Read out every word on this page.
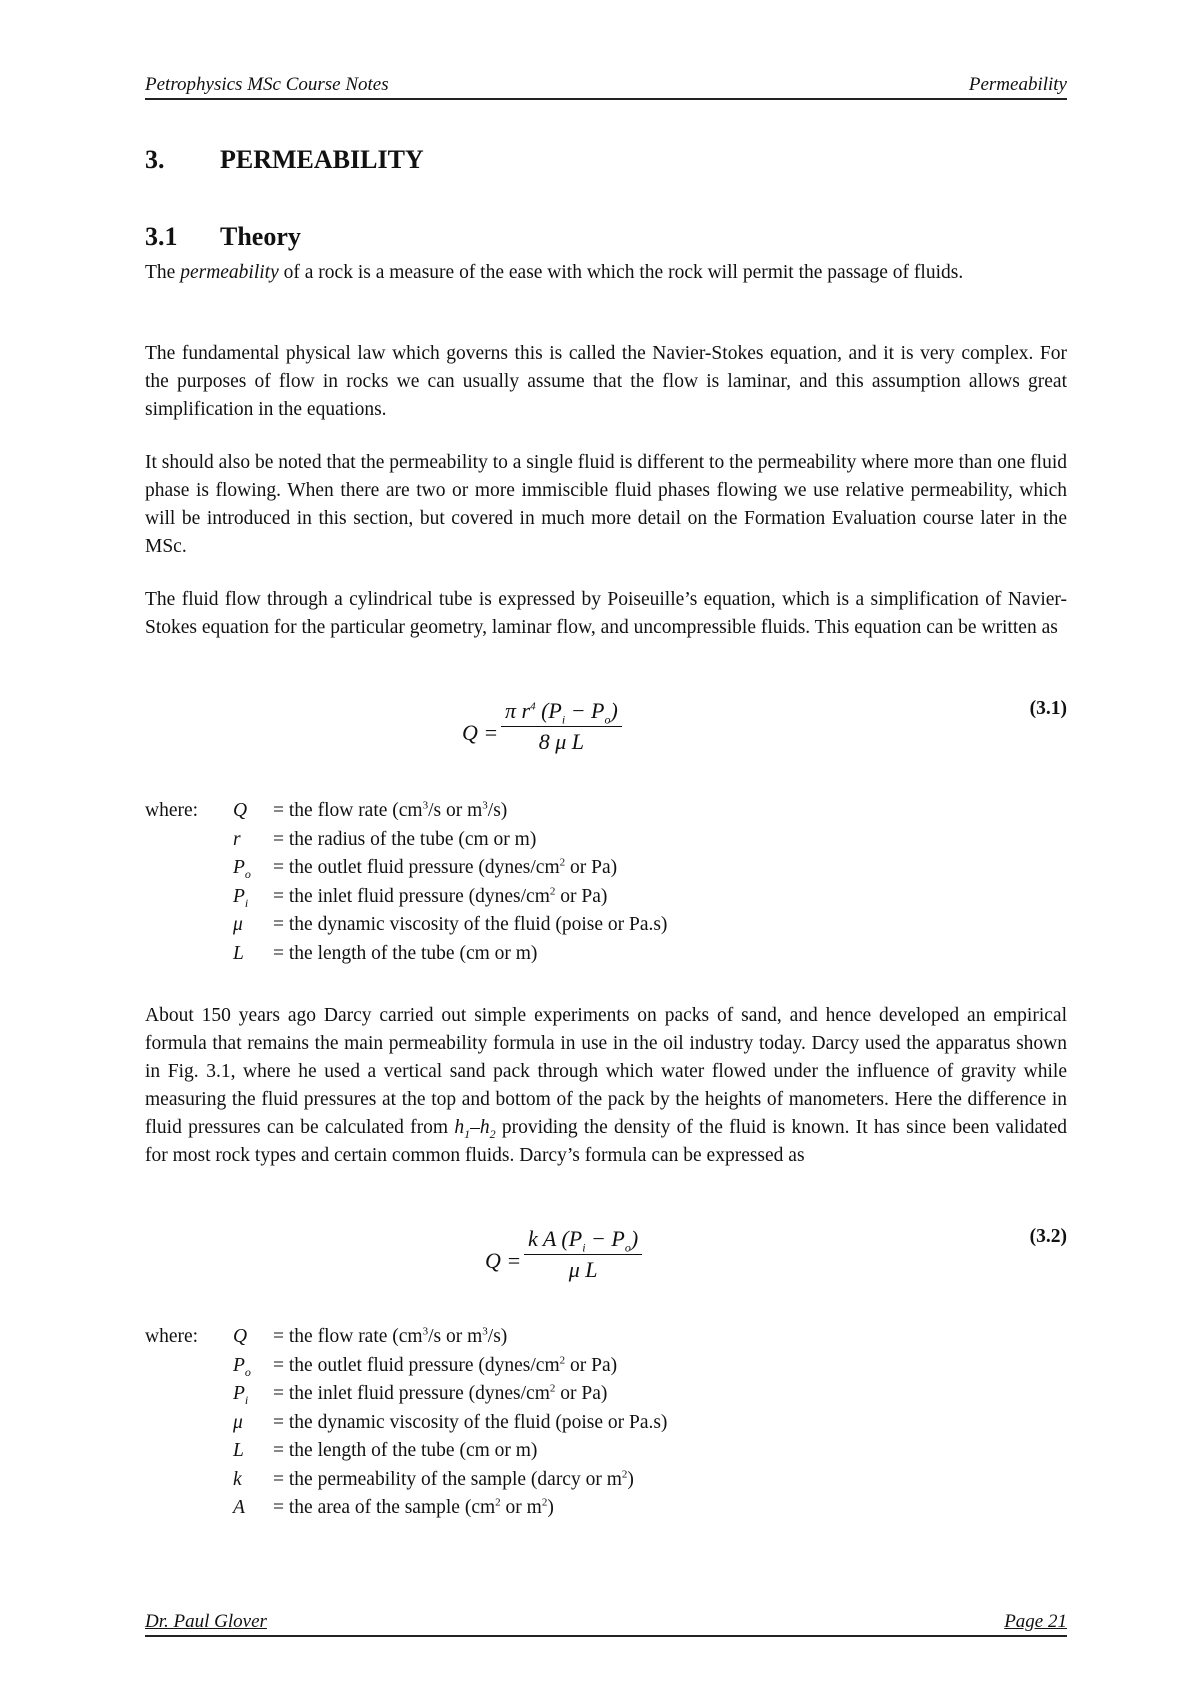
Petrophysics MSc Course Notes	Permeability
3. PERMEABILITY
3.1 Theory

The permeability of a rock is a measure of the ease with which the rock will permit the passage of fluids.

The fundamental physical law which governs this is called the Navier-Stokes equation, and it is very complex. For the purposes of flow in rocks we can usually assume that the flow is laminar, and this assumption allows great simplification in the equations.

It should also be noted that the permeability to a single fluid is different to the permeability where more than one fluid phase is flowing. When there are two or more immiscible fluid phases flowing we use relative permeability, which will be introduced in this section, but covered in much more detail on the Formation Evaluation course later in the MSc.

The fluid flow through a cylindrical tube is expressed by Poiseuille’s equation, which is a simplification of Navier-Stokes equation for the particular geometry, laminar flow, and uncompressible fluids. This equation can be written as

$Q = \frac{\pi r^4 (P_i - P_o)}{\text{8 μ L}}$	(3.1)
where: Q = the flow rate ($cm^3/s$ or $m^3/s$)
r = the radius of the tube (cm or m)
$P_o$ = the outlet fluid pressure ($dynes/cm^2$ or Pa)
$P_i$ = the inlet fluid pressure ($dynes/cm^2$ or Pa)
μ = the dynamic viscosity of the fluid (poise or Pa.s)
L = the length of the tube (cm or m)

About 150 years ago Darcy carried out simple experiments on packs of sand, and hence developed an empirical formula that remains the main permeability formula in use in the oil industry today. Darcy used the apparatus shown in Fig. 3.1, where he used a vertical sand pack through which water flowed under the influence of gravity while measuring the fluid pressures at the top and bottom of the pack by the heights of manometers. Here the difference in fluid pressures can be calculated from $h_1-h_2$ providing the density of the fluid is known. It has since been validated for most rock types and certain common fluids. Darcy’s formula can be expressed as

$Q = \frac{k A (P_i - P_o)}{\text{μ L}}$	(3.2)
where: Q = the flow rate ($cm^3/s$ or $m^3/s$)
$P_o$ = the outlet fluid pressure ($dynes/cm^2$ or Pa)
$P_i$ = the inlet fluid pressure ($dynes/cm^2$ or Pa)
μ = the dynamic viscosity of the fluid (poise or Pa.s)
L = the length of the tube (cm or m)
k = the permeability of the sample (darcy or $m^2$)
A = the area of the sample ($cm^2$ or $m^2$)
Dr. Paul Glover	Page 21
